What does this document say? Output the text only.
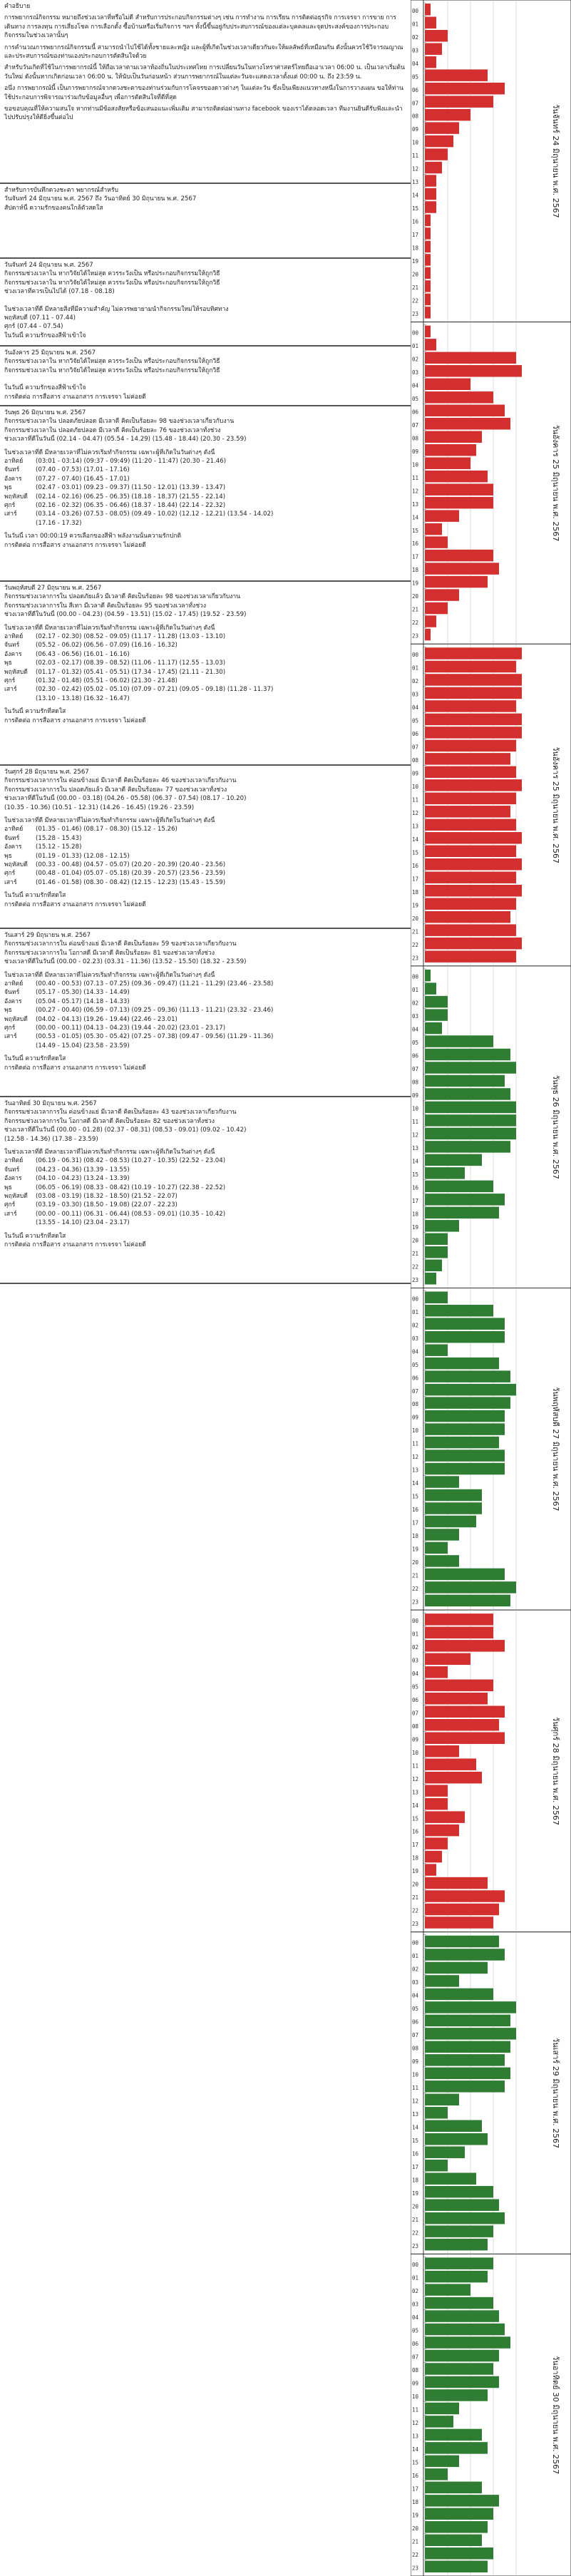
คำอธิบาย
การพยากรณ์กิจกรรม หมายถึงช่วงเวลาที่หรือไม่ดี สำหรับการประกอบกิจกรรมต่างๆ เช่น การทำงาน การเรียน การติดต่อธุรกิจ การเจรจา การขาย การเดินทาง การลงทุน การเสี่ยงโชค การเลือกตั้ง ซื้อบ้านหรือเริ่มกิจการ ฯลฯ ทั้งนี้ขึ้นอยู่กับประสบการณ์ของแต่ละบุคคลและจุดประสงค์ของการประกอบกิจกรรมในช่วงเวลานั้นๆ
การคำนวณการพยากรณ์กิจกรรมนี้ สามารถนำไปใช้ได้ทั้งชายและหญิง และผู้ที่เกิดในช่วงเวลาเดียวกันจะให้ผลลัพธ์ที่เหมือนกัน ดังนั้นควรใช้วิจารณญาณและประสบการณ์ของท่านเองประกอบการตัดสินใจด้วย
สำหรับวันเกิดที่ใช้ในการพยากรณ์นี้ ให้ถือเวลาตามเวลาท้องถิ่นในประเทศไทย การเปลี่ยนวันในทางโหราศาสตร์ไทยถือเอาเวลา 06:00 น. เป็นเวลาเริ่มต้นวันใหม่ ดังนั้นหากเกิดก่อนเวลา 06:00 น. ให้นับเป็นวันก่อนหน้า ส่วนการพยากรณ์ในแต่ละวันจะแสดงเวลาตั้งแต่ 00:00 น. ถึง 23:59 น.
อนึ่ง การพยากรณ์นี้ เป็นการพยากรณ์จากดวงชะตาของท่านร่วมกับการโคจรของดาวต่างๆ ในแต่ละวัน ซึ่งเป็นเพียงแนวทางหนึ่งในการวางแผน ขอให้ท่านใช้ประกอบการพิจารณาร่วมกับข้อมูลอื่นๆ เพื่อการตัดสินใจที่ดีที่สุด
ขอขอบคุณที่ให้ความสนใจ หากท่านมีข้อสงสัยหรือข้อเสนอแนะเพิ่มเติม สามารถติดต่อผ่านทาง facebook ของเราได้ตลอดเวลา ทีมงานยินดีรับฟังและนำไปปรับปรุงให้ดียิ่งขึ้นต่อไป
สำหรับการบันทึกดวงชะตา พยากรณ์สำหรับ
วันจันทร์ 24 มิถุนายน พ.ศ. 2567 ถึง วันอาทิตย์ 30 มิถุนายน พ.ศ. 2567
สัปดาห์นี้ ความรักของคนใกล้ตัวสดใส
วันจันทร์ 24 มิถุนายน พ.ศ. 2567
กิจกรรมช่วงเวลาใน หากวิจัยได้ใหม่สุด ควรระวังเป็น หรือประกอบกิจกรรมให้ถูกวิธี
กิจกรรมช่วงเวลาใน หากวิจัยได้ใหม่สุด ควรระวังเป็น หรือประกอบกิจกรรมให้ถูกวิธี
ช่วงเวลาที่ควรเป็นไปได้ (07.18 - 08.18)
ในช่วงเวลาที่ดี มีหลายสิ่งที่มีความสำคัญ ไม่ควรพยายามนำกิจกรรมใหม่ให้รอบทิศทาง
พฤหัสบดี (07.11 - 07.44)
ศุกร์ (07.44 - 07.54)
ในวันนี้ ความรักของสีฟ้าเข้าใจ
วันอังคาร 25 มิถุนายน พ.ศ. 2567
กิจกรรมช่วงเวลาใน หากวิจัยได้ใหม่สุด ควรระวังเป็น หรือประกอบกิจกรรมให้ถูกวิธี
กิจกรรมช่วงเวลาใน หากวิจัยได้ใหม่สุด ควรระวังเป็น หรือประกอบกิจกรรมให้ถูกวิธี
ในวันนี้ ความรักของสีฟ้าเข้าใจ
การติดต่อ การสื่อสาร งานเอกสาร การเจรจา ไม่ค่อยดี
วันพุธ 26 มิถุนายน พ.ศ. 2567
กิจกรรมช่วงเวลาใน ปลอดภัยปลอด มีเวลาดี คิดเป็นร้อยละ 98 ของช่วงเวลาเกี่ยวกับงาน
กิจกรรมช่วงเวลาใน ปลอดภัยปลอด มีเวลาดี คิดเป็นร้อยละ 76 ของช่วงเวลาทั้งช่วง
ช่วงเวลาที่ดีในวันนี้ (02.14 - 04.47) (05.54 - 14.29) (15.48 - 18.44) (20.30 - 23.59)
ในช่วงเวลาที่ดี มีหลายเวลาที่ไม่ควรเริ่มทำกิจกรรม เฉพาะผู้ที่เกิดในวันต่างๆ ดังนี้
อาทิตย์	(03:01 - 03:14) (09:37 - 09:49) (11:20 - 11:47) (20.30 - 21.46)
จันทร์	(07.40 - 07.53) (17.01 - 17.16)
อังคาร	(07.27 - 07.40) (16.45 - 17.01)
พุธ	(02.47 - 03.01) (09.23 - 09.37) (11.50 - 12.01) (13.39 - 13.47)
พฤหัสบดี	(02.14 - 02.16) (06.25 - 06.35) (18.18 - 18.37) (21.55 - 22.14)
ศุกร์	(02.16 - 02.32) (06.35 - 06.46) (18.37 - 18.44) (22.14 - 22.32)
เสาร์	(03.14 - 03.26) (07.53 - 08.05) (09.49 - 10.02) (12.12 - 12.21) (13.54 - 14.02)
(17.16 - 17.32)
ในวันนี้ เวลา 00:00:19 ควรเลือกของสีฟ้า พลังงานนั้นความรักปกติ
การติดต่อ การสื่อสาร งานเอกสาร การเจรจา ไม่ค่อยดี
วันพฤหัสบดี 27 มิถุนายน พ.ศ. 2567
กิจกรรมช่วงเวลาการใน ปลอดภัยแล้ว มีเวลาดี คิดเป็นร้อยละ 98 ของช่วงเวลาเกี่ยวกับงาน
กิจกรรมช่วงเวลาการใน สีเทา มีเวลาดี คิดเป็นร้อยละ 95 ของช่วงเวลาทั้งช่วง
ช่วงเวลาที่ดีในวันนี้ (00.00 - 04.23) (04.59 - 13.51) (15.02 - 17.45) (19.52 - 23.59)
ในช่วงเวลาที่ดี มีหลายเวลาที่ไม่ควรเริ่มทำกิจกรรม เฉพาะผู้ที่เกิดในวันต่างๆ ดังนี้
อาทิตย์	(02.17 - 02.30) (08.52 - 09.05) (11.17 - 11.28) (13.03 - 13.10)
จันทร์	(05.52 - 06.02) (06.56 - 07.09) (16.16 - 16.32)
อังคาร	(06.43 - 06.56) (16.01 - 16.16)
พุธ	(02.03 - 02.17) (08.39 - 08.52) (11.06 - 11.17) (12.55 - 13.03)
พฤหัสบดี	(01.17 - 01.32) (05.41 - 05.51) (17.34 - 17.45) (21.11 - 21.30)
ศุกร์	(01.32 - 01.48) (05.51 - 06.02) (21.30 - 21.48)
เสาร์	(02.30 - 02.42) (05.02 - 05.10) (07.09 - 07.21) (09.05 - 09.18) (11.28 - 11.37)
(13.10 - 13.18) (16.32 - 16.47)
ในวันนี้ ความรักที่สดใส
การติดต่อ การสื่อสาร งานเอกสาร การเจรจา ไม่ค่อยดี
วันศุกร์ 28 มิถุนายน พ.ศ. 2567
กิจกรรมช่วงเวลาการใน ค่อนข้างแย่ มีเวลาดี คิดเป็นร้อยละ 46 ของช่วงเวลาเกี่ยวกับงาน
กิจกรรมช่วงเวลาการใน ปลอดภัยแล้ว มีเวลาดี คิดเป็นร้อยละ 77 ของช่วงเวลาทั้งช่วง
ช่วงเวลาที่ดีในวันนี้ (00.00 - 03.18) (04.26 - 05.58) (06.37 - 07.54) (08.17 - 10.20)
(10.35 - 10.36) (10.51 - 12.31) (14.26 - 16.45) (19.26 - 23.59)
ในช่วงเวลาที่ดี มีหลายเวลาที่ไม่ควรเริ่มทำกิจกรรม เฉพาะผู้ที่เกิดในวันต่างๆ ดังนี้
อาทิตย์	(01.35 - 01.46) (08.17 - 08.30) (15.12 - 15.26)
จันทร์	(15.28 - 15.43)
อังคาร	(15.12 - 15.28)
พุธ	(01.19 - 01.33) (12.08 - 12.15)
พฤหัสบดี	(00.33 - 00.48) (04.57 - 05.07) (20.20 - 20.39) (20.40 - 23.56)
ศุกร์	(00.48 - 01.04) (05.07 - 05.18) (20.39 - 20.57) (23.56 - 23.59)
เสาร์	(01.46 - 01.58) (08.30 - 08.42) (12.15 - 12.23) (15.43 - 15.59)
ในวันนี้ ความรักที่สดใส
การติดต่อ การสื่อสาร งานเอกสาร การเจรจา ไม่ค่อยดี
วันเสาร์ 29 มิถุนายน พ.ศ. 2567
กิจกรรมช่วงเวลาการใน ค่อนข้างแย่ มีเวลาดี คิดเป็นร้อยละ 59 ของช่วงเวลาเกี่ยวกับงาน
กิจกรรมช่วงเวลาการใน โอกาสดี มีเวลาดี คิดเป็นร้อยละ 81 ของช่วงเวลาทั้งช่วง
ช่วงเวลาที่ดีในวันนี้ (00.00 - 02.23) (03.31 - 11.36) (13.52 - 15.50) (18.32 - 23.59)
ในช่วงเวลาที่ดี มีหลายเวลาที่ไม่ควรเริ่มทำกิจกรรม เฉพาะผู้ที่เกิดในวันต่างๆ ดังนี้
อาทิตย์	(00.40 - 00.53) (07.13 - 07.25) (09.36 - 09.47) (11.21 - 11.29) (23.46 - 23.58)
จันทร์	(05.17 - 05.30) (14.33 - 14.49)
อังคาร	(05.04 - 05.17) (14.18 - 14.33)
พุธ	(00.27 - 00.40) (06.59 - 07.13) (09.25 - 09.36) (11.13 - 11.21) (23.32 - 23.46)
พฤหัสบดี	(04.02 - 04.13) (19.26 - 19.44) (22.46 - 23.01)
ศุกร์	(00.00 - 00.11) (04.13 - 04.23) (19.44 - 20.02) (23.01 - 23.17)
เสาร์	(00.53 - 01.05) (05.30 - 05.42) (07.25 - 07.38) (09.47 - 09.56) (11.29 - 11.36)
(14.49 - 15.04) (23.58 - 23.59)
ในวันนี้ ความรักที่สดใส
การติดต่อ การสื่อสาร งานเอกสาร การเจรจา ไม่ค่อยดี
วันอาทิตย์ 30 มิถุนายน พ.ศ. 2567
กิจกรรมช่วงเวลาการใน ค่อนข้างแย่ มีเวลาดี คิดเป็นร้อยละ 43 ของช่วงเวลาเกี่ยวกับงาน
กิจกรรมช่วงเวลาการใน โอกาสดี มีเวลาดี คิดเป็นร้อยละ 82 ของช่วงเวลาทั้งช่วง
ช่วงเวลาที่ดีในวันนี้ (00.00 - 01.28) (02.37 - 08.31) (08.53 - 09.01) (09.02 - 10.42)
(12.58 - 14.36) (17.38 - 23.59)
ในช่วงเวลาที่ดี มีหลายเวลาที่ไม่ควรเริ่มทำกิจกรรม เฉพาะผู้ที่เกิดในวันต่างๆ ดังนี้
อาทิตย์	(06.19 - 06.31) (08.42 - 08.53) (10.27 - 10.35) (22.52 - 23.04)
จันทร์	(04.23 - 04.36) (13.39 - 13.55)
อังคาร	(04.10 - 04.23) (13.24 - 13.39)
พุธ	(06.05 - 06.19) (08.33 - 08.42) (10.19 - 10.27) (22.38 - 22.52)
พฤหัสบดี	(03.08 - 03.19) (18.32 - 18.50) (21.52 - 22.07)
ศุกร์	(03.19 - 03.30) (18.50 - 19.08) (22.07 - 22.23)
เสาร์	(00.00 - 00.11) (06.31 - 06.44) (08.53 - 09.01) (10.35 - 10.42)
(13.55 - 14.10) (23.04 - 23.17)
ในวันนี้ ความรักที่สดใส
การติดต่อ การสื่อสาร งานเอกสาร การเจรจา ไม่ค่อยดี
00
01
02
03
04
05
06
07
08
09
10
11
12
13
14
15
16
17
18
19
20
21
22
23
วันจันทร์ 24 มิถุนายน พ.ศ. 2567
00
01
02
03
04
05
06
07
08
09
10
11
12
13
14
15
16
17
18
19
20
21
22
23
วันอังคาร 25 มิถุนายน พ.ศ. 2567
00
01
02
03
04
05
06
07
08
09
10
11
12
13
14
15
16
17
18
19
20
21
22
23
วันอังคาร 25 มิถุนายน พ.ศ. 2567
00
01
02
03
04
05
06
07
08
09
10
11
12
13
14
15
16
17
18
19
20
21
22
23
วันพุธ 26 มิถุนายน พ.ศ. 2567
00
01
02
03
04
05
06
07
08
09
10
11
12
13
14
15
16
17
18
19
20
21
22
23
วันพฤหัสบดี 27 มิถุนายน พ.ศ. 2567
00
01
02
03
04
05
06
07
08
09
10
11
12
13
14
15
16
17
18
19
20
21
22
23
วันศุกร์ 28 มิถุนายน พ.ศ. 2567
00
01
02
03
04
05
06
07
08
09
10
11
12
13
14
15
16
17
18
19
20
21
22
23
วันเสาร์ 29 มิถุนายน พ.ศ. 2567
00
01
02
03
04
05
06
07
08
09
10
11
12
13
14
15
16
17
18
19
20
21
22
23
วันอาทิตย์ 30 มิถุนายน พ.ศ. 2567
